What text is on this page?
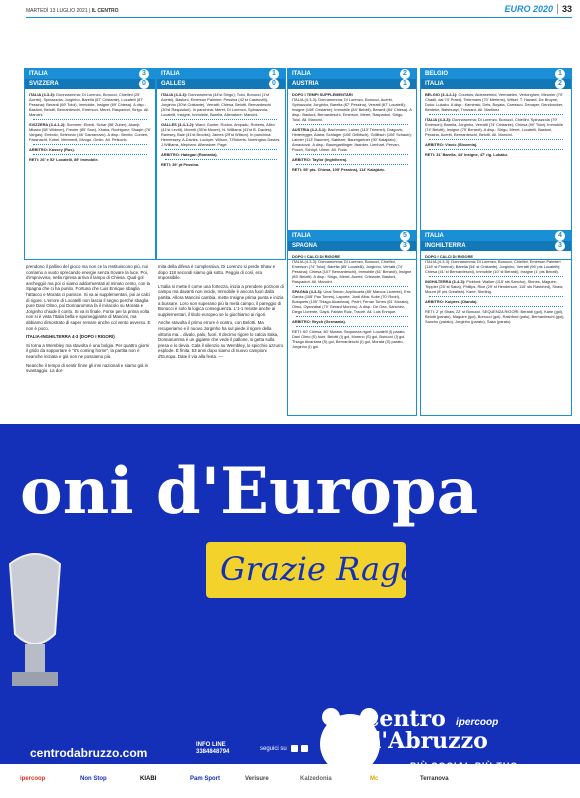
MARTEDÌ 13 LUGLIO 2021 | IL CENTRO	EURO 2020 33
ITALIA	3
SVIZZERA	0
ITALIA (4-3-3): Donnarumma; Di Lorenzo, Bonucci, Chiellini (25' Acerbi), Spinazzola; Jorginho, Barella (87' Cristante), Locatelli (87' Pessina); Berardi (69' Toloi), Immobile, Insigne (69' Chiesa). A disp.: Bastoni, Belotti, Bernardeschi, Emerson, Meret, Raspadori, Sirigu. All. Mancini.
SVIZZERA (3-4-1-2): Sommer; Elvedi, Schar (58' Zuber), Akanji; Mbabu (58' Widmer), Freuler (85' Sow), Xhaka, Rodriguez; Shaqiri (76' Vargas); Embolo, Seferovic (46' Gavranovic). A disp.: Benito, Comert, Fassnacht, Kobel, Mehmedi, Mvogo, Omlin. All. Petkovic.
ARBITRO: Kassey (Rus).
RETI: 26' e 52' Locatelli, 89' Immobile.
ITALIA	1
GALLES	0
ITALIA (4-3-3): Donnarumma (44'st Sirigu); Toloi, Bonucci (1'st Acerbi), Bastoni, Emerson Palmieri; Pessina (42'st Castrovilli), Jorginho (30'st Cristante), Verratti; Chiesa, Belotti, Bernardeschi (30'st Raspadori). In panchina: Meret, Di Lorenzo, Spinazzola, Locatelli, Insigne, Immobile, Barella. Allenatore: Mancini.
GALLES (3-4-1-2): Ward; Gunter, Rodon, Ampadu, Roberts, Allen (41'st Levitt), Morrell (35'st Moore), N. Williams (41'st B. Davies); Ramsey, Bale (41'st Brooks); James (29'st Wilson). In panchina: Hennessey, A.Davies, Lockyer, Wilson, T.Roberts, Norrington-Davies, J.Williams, Mepham. Allenatore: Page.
ARBITRO: Hategan (Romania).
RETI: 39' pt Pessina.
ITALIA	2
AUSTRIA	1
DOPO I TEMPI SUPPLEMENTARI
ITALIA (4-3-3): Donnarumma; Di Lorenzo, Bonucci, Acerbi, Spinazzola; Jorginho, Barella (67' Pessina), Verratti (67' Locatelli); Insigne (108' Cristante), Immobile (84' Belotti), Berardi (84' Chiesa). A disp.: Bastoni, Bernardeschi, Emerson, Meret, Raspadori, Sirigu, Toloi. All. Mancini.
AUSTRIA (4-2-3-1): Bachmann; Lainer (113' Trimmel), Dragovic, Hinteregger, Alaba; Schlager (106' Grillitsch), Grillitsch (106' Schaub); Laimer (113' Baumer), Sabitzer, Baumgartner (90' Kalajdzic); Arnautovic. A disp.: Baumgartlinger, Ilsanker, Lienhart, Pervan, Posch, Schöpf, Ulmer. All. Foda.
ARBITRO: Taylor (Inghilterra).
RETI: 95' pts. Chiesa, 105' Pessina), 114' Kalajdzic.
BELGIO	1
ITALIA	2
BELGIO (3-4-2-1): Courtois; Alderweireld, Vermaelen, Vertonghen; Meunier (70' Chadli, dal 74' Praet), Tielemans (70' Mertens), Witsel, T. Hazard; De Bruyne, Doku; Lukaku. A disp.: Kaminski, Dels, Boyata, Carrasco, Denayer, Dendoncker, Benteke, Batshuayi, Trossard. All. Martinez.
ITALIA (4-3-3): Donnarumma; Di Lorenzo, Bonucci, Chiellini, Spinazzola (79' Emerson); Barella, Jorginho, Verratti (74' Cristante); Chiesa (90' Toloi), Immobile (74' Belotti), Insigne (79' Berardi). A disp.: Sirigu, Meret, Locatelli, Bastoni, Pessina, Acerbi, Bernardeschi, Belotti. All. Mancini.
ARBITRO: Vincic (Slovenia).
RETI: 31' Barella, 44' Insigne, 47' rig. Lukaku.

prendono il pallino del gioco ma non ce la restituiscono più, noi corriamo a vuoto sprecando energie senza trovare la luce. Poi, d'improvviso, nella ripresa arriva il lampo di Chiesa. Qual gol ancheggiò ma poi ci siamo addormentati al minuto cento, con la Spagna che ci ha punito. Fortuna che Luis Enrique sbaglia l'attacco e Morata ci punisce. Si va ai supplementari, poi ai calci di rigore. L'errore di Locatelli non lascia il segno perché sbaglia pure Dani Olmo, poi Donnarumma fa il miracolo su Morata e Jorginho chiude il conto. Si va in finale. Forse per la prima volta non si è vista l'Italia bella e spumeggiante di Mancini, ma abbiamo dimostrato di saper remare anche col vento avverso. E non è poco.

ITALIA-INGHILTERRA 4-3 (DOPO I RIGORI)

Si torna a Wembley ma stavolta è una bolgia. Per quattro giorni il grido da sopportare è "it's coming home", la partita non è neanche iniziata e già non ne possiamo più.

Neanche il tempo di sentir finire gli inni nazionali e siamo già in svantaggio. La dor-

mita della difesa è complessiva, Di Lorenzo si perde Shaw e dopo 118 secondi siamo già sotto. Peggio di così, era impossibile.

L'Italia si mette il come una fortezza, inizia a prendere porzioni di campo ma davanti non incide, Immobile è ancora fuori dalla partita. Allora Mancini cambia, mette Insigne prima punta e inizia a bussare. Loro non superano più la metà campo, il pareggio di Bonucci è solo la logica conseguenza. L'1-1 resiste anche ai supplementari, il titolo europeo se lo giochiamo ai rigori.

Anche stavolta il primo errore è nostro, con Belotti. Ma recuperiamo e il nuovo Jorginho ha sul piede il rigore della vittoria ma... divalo, palo, fuori. Il decimo rigore lo calcia Saka, Donnarumma è un gigante che vede il pallone, si getta sulla presa e lo devia. Cala il silenzio su Wembley, lo spicchio azzurro esplode. È finita, 53 anni dopo siamo di nuovo campioni d'Europa. Date il via alla festa. —

ITALIA	5
SPAGNA	3
DOPO I CALCI DI RIGORE
ITALIA (4-3-3): Donnarumma; Di Lorenzo, Bonucci, Chiellini, Emerson (74' Toloi); Barella (85' Locatelli), Jorginho, Verratti (74' Pessina); Chiesa (107' Bernardeschi), Immobile (61' Berardi), Insigne (85' Belotti). A disp.: Sirigu, Meret, Acerbi, Cristante, Bastoni, Raspadori. All. Mancini.
SPAGNA (4-3-3): Unai Simón; Azpilicueta (85' Marcos Llorente), Eric Garcia (108' Pau Torres), Laporte, Jordi Alba; Koke (70' Rodri), Busquets (105' Thiago Alcantara), Pedri; Ferran Torres (61' Morata), Olmo, Oyarzabal (70' Gerard Moreno). A disp.: De Gea, Sánchez, Diego Llorente, Gayà, Fabián Ruiz, Traoré. All. Luis Enrique.
ARBITRO: Brych (Germania).
RETI: 60' Chiesa, 80' Morata. Sequenza rigori: Locatelli (I) parato, Dani Olmo (S) fuori, Belotti (I) gol, Moreno (S) gol, Bonucci (I) gol, Thiago Alcantara (S) gol, Bernardeschi (I) gol, Morata (S) parato, Jorginho (I) gol.
ITALIA	4
INGHILTERRA	3
DOPO I CALCI DI RIGORE
ITALIA (4-3-3): Donnarumma; Di Lorenzo, Bonucci, Chiellini, Emerson Palmieri (118' st Florenzi); Barella (54' st Cristante), Jorginho, Verratti (96' pts Locatelli); Chiesa (41' st Bernardeschi), Immobile (10' st Berardi), Insigne (1' pts Belotti).
INGHILTERRA (3-4-3): Pickford; Walker (115' sts Sancho), Stones, Maguire; Trippier (25' st Saka), Phillips, Rice (29' st Henderson, 115' sts Rashford), Shaw; Mount (8' pts Grealish), Kane, Sterling.
ARBITRO: Kuipers (Olanda).
RETI: 2' pt Shaw, 22' st Bonucci. SEQUENZA RIGORI: Berardi (gol), Kane (gol), Belotti (parato), Maguire (gol), Bonucci (gol), Rashford (palo), Bernardeschi (gol), Sancho (parato), Jorginho (parato), Saka (parato).
oni d'Europa
Grazie Ragazzi
centrodabruzzo.com
INFO LINE
3384848794	seguici su
centro
d'Abruzzo
ipercoop
ipercoop	Non Stop	KIABI	Pam Sport	Verisure	Kalzedonia	Mc	Terranova
